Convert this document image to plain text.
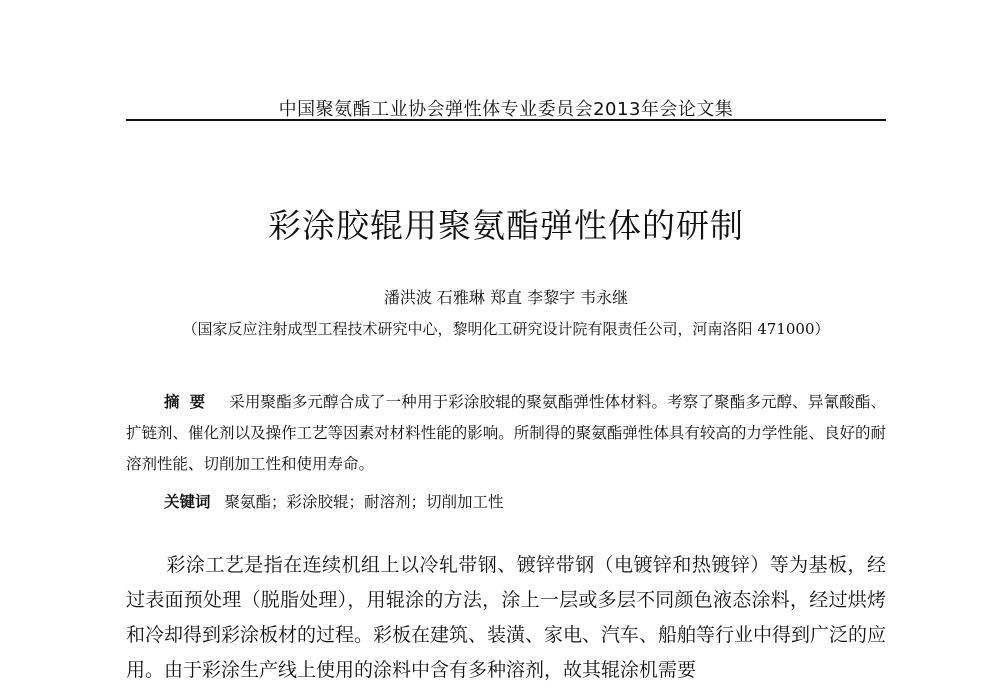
中国聚氨酯工业协会弹性体专业委员会2013年会论文集
彩涂胶辊用聚氨酯弹性体的研制
潘洪波 石雅琳 郑直 李黎宇 韦永继
（国家反应注射成型工程技术研究中心，黎明化工研究设计院有限责任公司，河南洛阳 471000）
摘要 采用聚酯多元醇合成了一种用于彩涂胶辊的聚氨酯弹性体材料。考察了聚酯多元醇、异氰酸酯、扩链剂、催化剂以及操作工艺等因素对材料性能的影响。所制得的聚氨酯弹性体具有较高的力学性能、良好的耐溶剂性能、切削加工性和使用寿命。
关键词 聚氨酯；彩涂胶辊；耐溶剂；切削加工性
彩涂工艺是指在连续机组上以冷轧带钢、镀锌带钢（电镀锌和热镀锌）等为基板，经过表面预处理（脱脂处理），用辊涂的方法，涂上一层或多层不同颜色液态涂料，经过烘烤和冷却得到彩涂板材的过程。彩板在建筑、装潢、家电、汽车、船舶等行业中得到广泛的应用。由于彩涂生产线上使用的涂料中含有多种溶剂，故其辊涂机需要
